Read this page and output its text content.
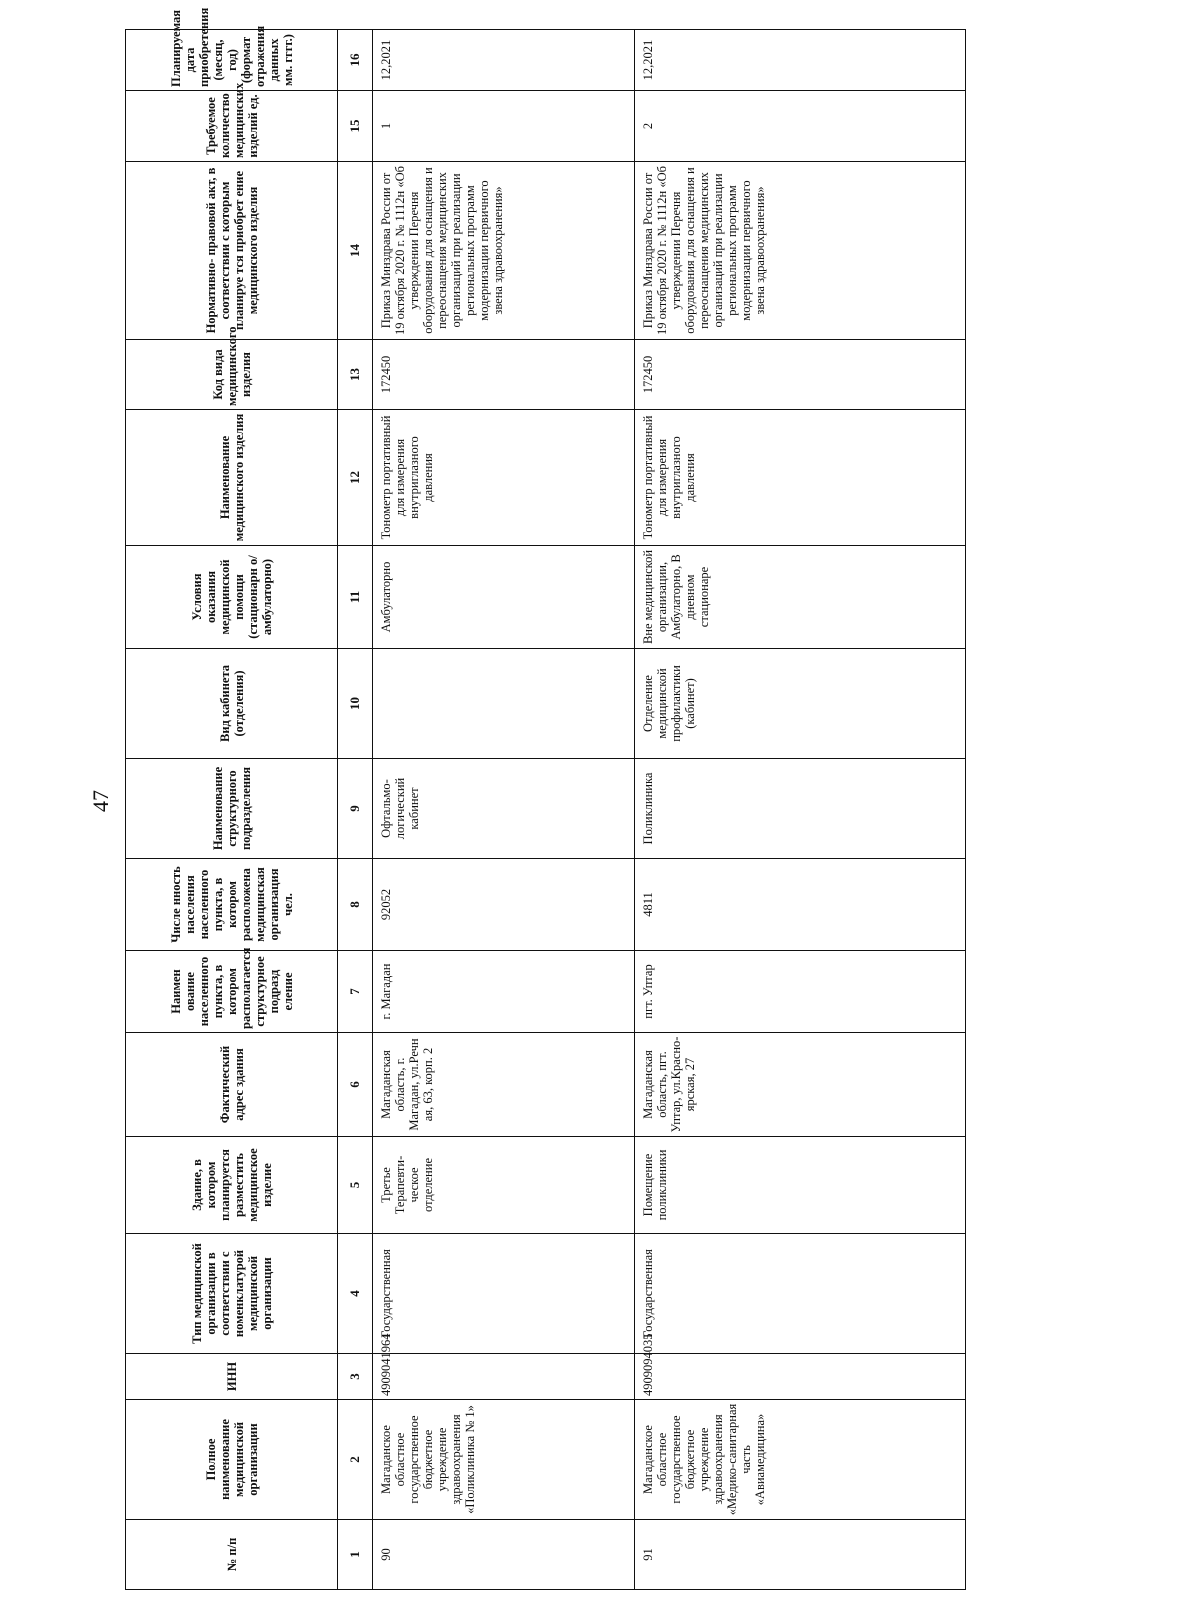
47
№ п/п	Полное наименование медицинской организации	ИНН	Тип медицинской организации в соответствии с номенклатурой медицинской организации	Здание, в котором планируется разместить медицинское изделие	Фактический адрес здания	Наимен ование населенного пункта, в котором располагается структурное подразд еление	Числе нность населения населенного пункта, в котором расположена медицинская организация чел.	Наименование структурного подразделения	Вид кабинета (отделения)	Условия оказания медицинской помощи (стационарн о/амбулаторно)	Наименование медицинского изделия	Код вида медицинского изделия	Нормативно- правовой акт, в соответствии с которым планируе тся приобрет ение медицинского изделия	Требуемое количество медицинских изделий ед.	Планируемая дата приобретения (месяц, год) (формат отражения данных мм. гггг.)
1	2	3	4	5	6	7	8	9	10	11	12	13	14	15	16
90	Магаданское областное государственное бюджетное учреждение здравоохранения «Поликлиника № 1»	4909041964	Государственная	Третье Терапевти-ческое отделение	Магаданская область, г. Магадан, ул.Речн ая, 63, корп. 2	г. Магадан	92052	Офтальмо-логический кабинет		Амбулаторно	Тонометр портативный для измерения внутриглазного давления	172450	Приказ Минздрава России от 19 октября 2020 г. № 1112н «Об утверждении Перечня оборудования для оснащения и переоснащения медицинских организаций при реализации региональных программ модернизации первичного звена здравоохранения»	1	12,2021
91	Магаданское областное государственное бюджетное учреждение здравоохранения «Медико-санитарная часть «Авиамедицина»	4909094035	Государственная	Помещение поликлиники	Магаданская область, пгт. Уптар, ул.Красно-ярская, 27	пгт. Уптар	4811	Поликлиника	Отделение медицинской профилактики (кабинет)	Вне медицинской организации, Амбулаторно, В дневном стационаре	Тонометр портативный для измерения внутриглазного давления	172450	Приказ Минздрава России от 19 октября 2020 г. № 1112н «Об утверждении Перечня оборудования для оснащения и переоснащения медицинских организаций при реализации региональных программ модернизации первичного звена здравоохранения»	2	12,2021
